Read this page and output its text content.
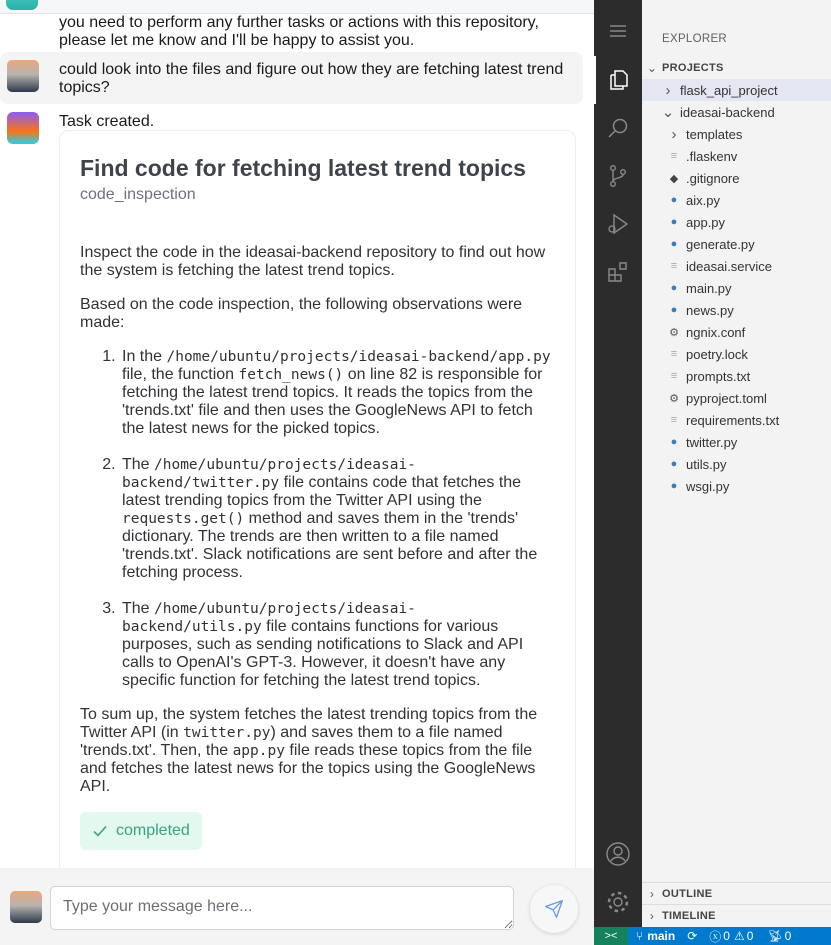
you need to perform any further tasks or actions with this repository,
please let me know and I'll be happy to assist you.
could look into the files and figure out how they are fetching latest trend topics?
Task created.
Find code for fetching latest trend topics
code_inspection

Inspect the code in the ideasai-backend repository to find out how the system is fetching the latest trend topics.

Based on the code inspection, the following observations were made:

1. In the /home/ubuntu/projects/ideasai-backend/app.py file, the function fetch_news() on line 82 is responsible for fetching the latest trend topics. It reads the topics from the 'trends.txt' file and then uses the GoogleNews API to fetch the latest news for the picked topics.
2. The /home/ubuntu/projects/ideasai-backend/twitter.py file contains code that fetches the latest trending topics from the Twitter API using the requests.get() method and saves them in the 'trends' dictionary. The trends are then written to a file named 'trends.txt'. Slack notifications are sent before and after the fetching process.
3. The /home/ubuntu/projects/ideasai-backend/utils.py file contains functions for various purposes, such as sending notifications to Slack and API calls to OpenAI's GPT-3. However, it doesn't have any specific function for fetching the latest trend topics.

To sum up, the system fetches the latest trending topics from the Twitter API (in twitter.py) and saves them to a file named 'trends.txt'. Then, the app.py file reads these topics from the file and fetches the latest news for the topics using the GoogleNews API.

completed
Type your message here...
EXPLORER
⌄ PROJECTS
› flask_api_project
⌄ ideasai-backend
› templates
≡ .flaskenv
◆ .gitignore
● aix.py
● app.py
● generate.py
≡ ideasai.service
● main.py
● news.py
⚙ ngnix.conf
≡ poetry.lock
≡ prompts.txt
⚙ pyproject.toml
≡ requirements.txt
● twitter.py
● utils.py
● wsgi.py
› OUTLINE
› TIMELINE
>< ⑂ main ⟳ ⓧ 0 ⚠ 0 📡︎ 0
